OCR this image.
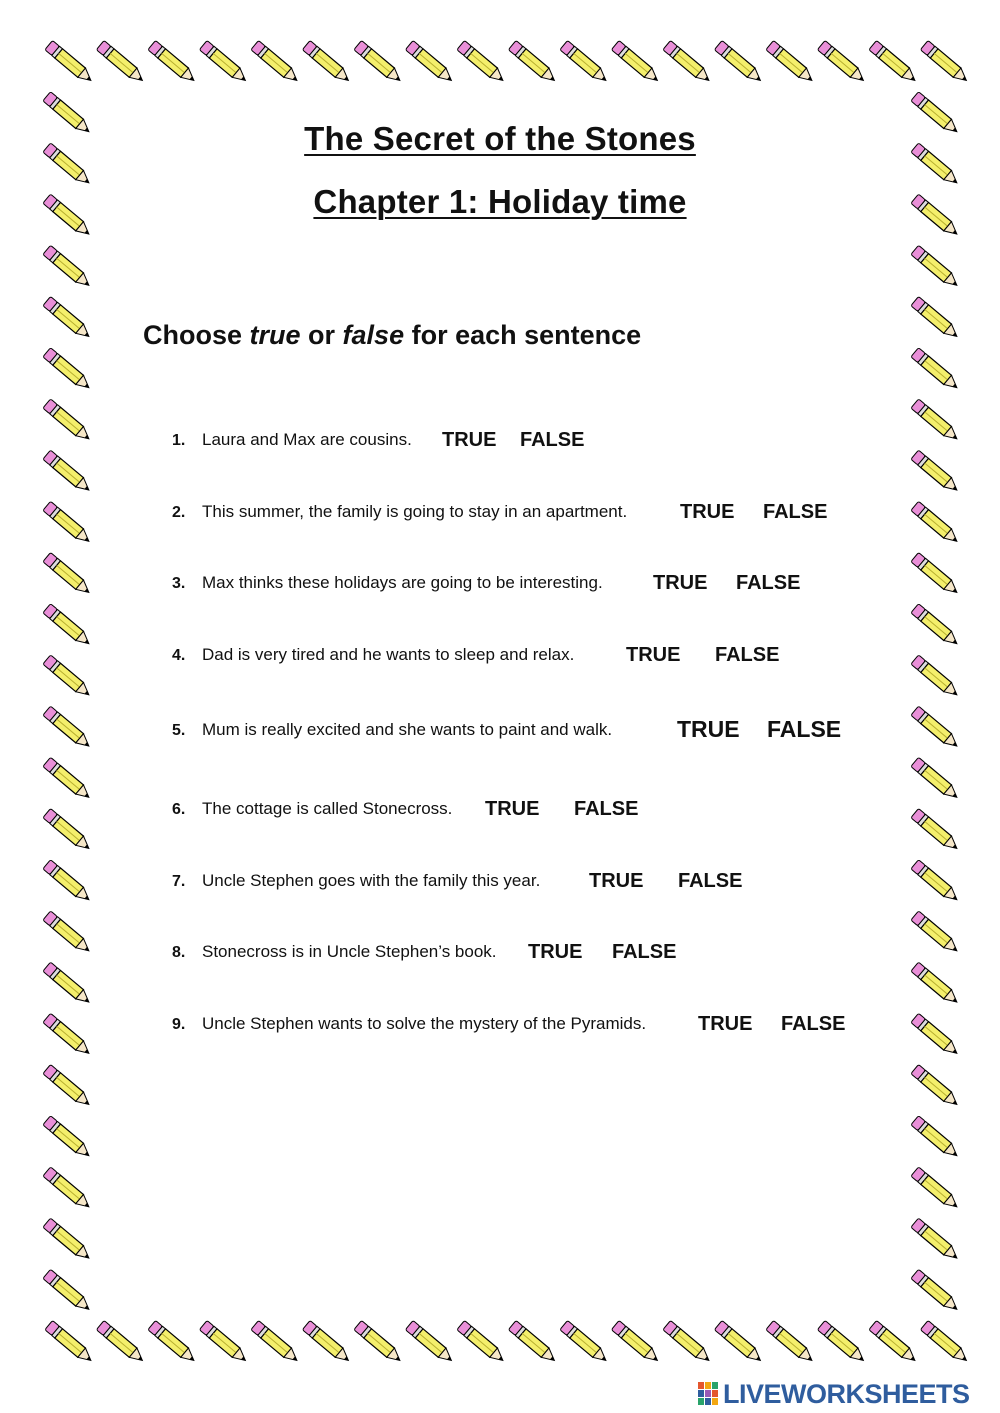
The Secret of the Stones
Chapter 1: Holiday time
Choose true or false for each sentence
1. Laura and Max are cousins. TRUE FALSE
2. This summer, the family is going to stay in an apartment.	TRUE FALSE
3. Max thinks these holidays are going to be interesting.	TRUE FALSE
4. Dad is very tired and he wants to sleep and relax.	TRUE FALSE
5. Mum is really excited and she wants to paint and walk.	TRUE FALSE
6. The cottage is called Stonecross. TRUE FALSE
7. Uncle Stephen goes with the family this year. TRUE FALSE
8. Stonecross is in Uncle Stephen’s book. TRUE FALSE
9. Uncle Stephen wants to solve the mystery of the Pyramids.	TRUE FALSE
LIVEWORKSHEETS
